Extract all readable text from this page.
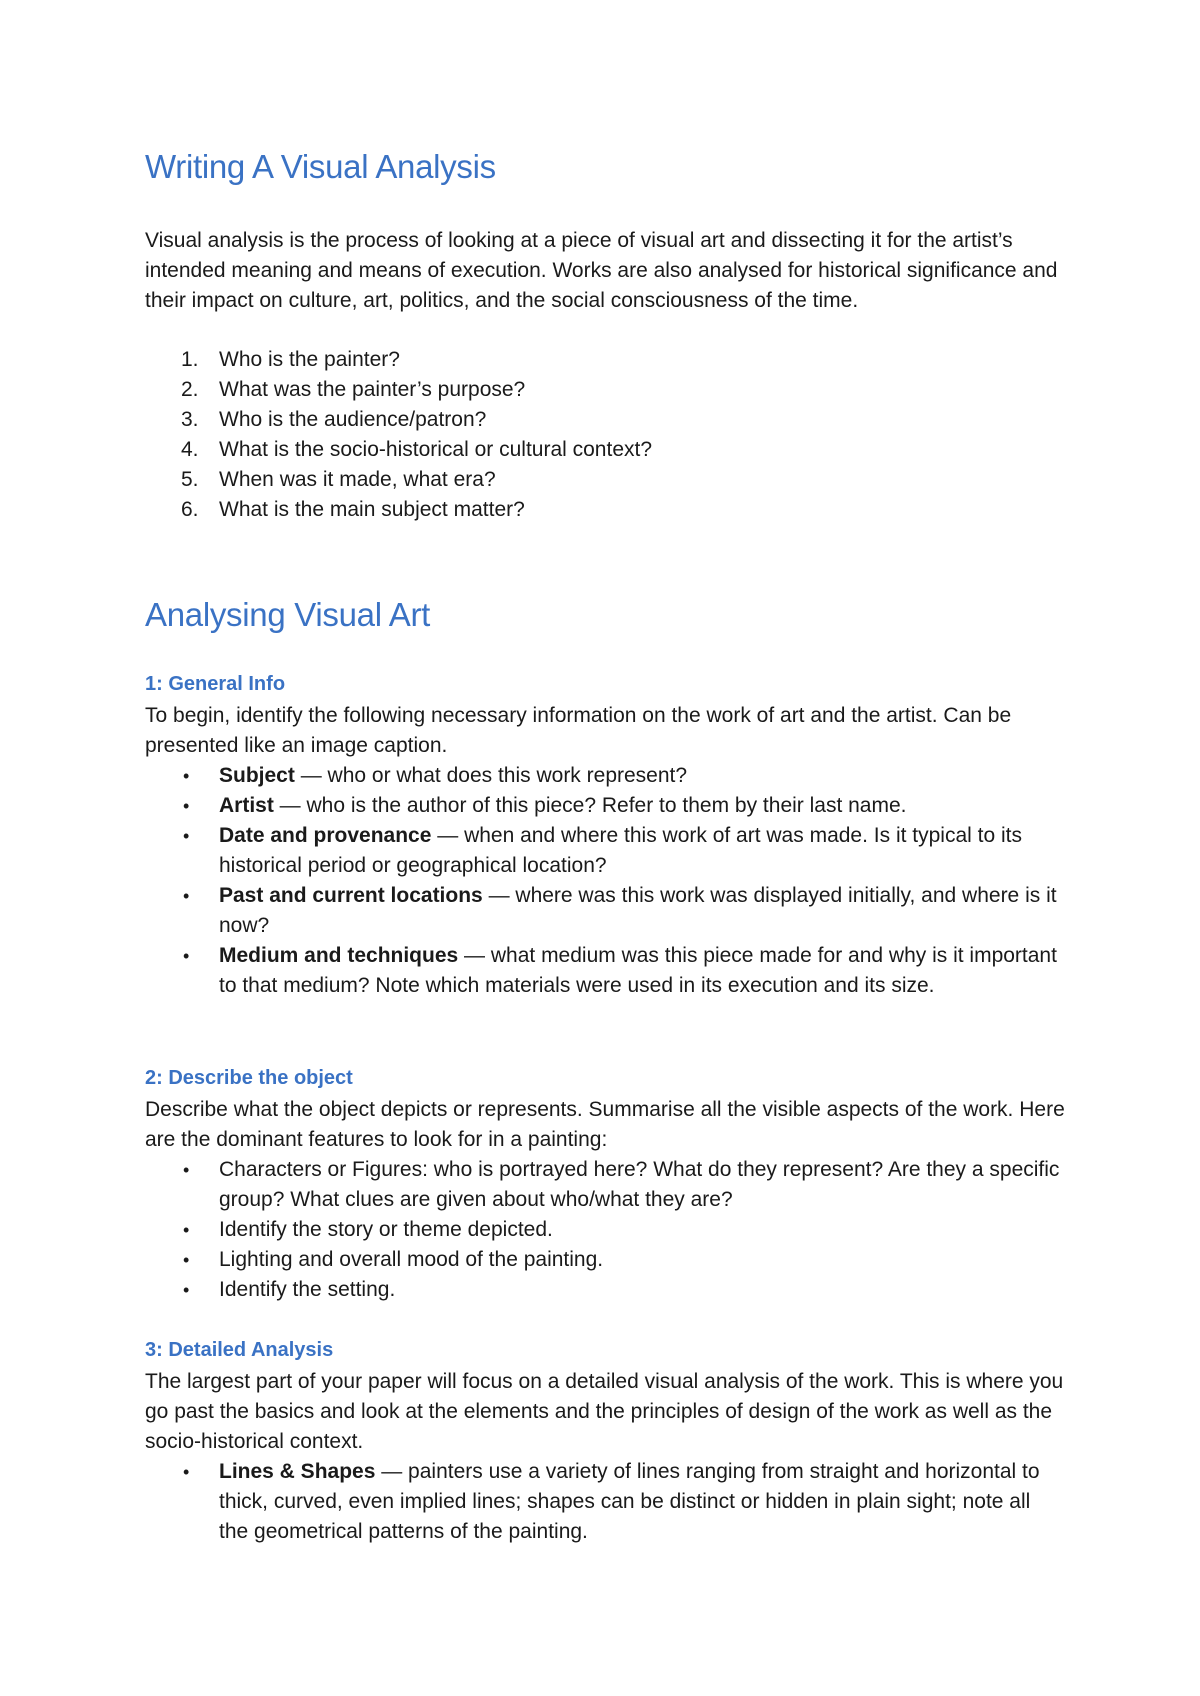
Writing A Visual Analysis

Visual analysis is the process of looking at a piece of visual art and dissecting it for the artist’s intended meaning and means of execution. Works are also analysed for historical significance and their impact on culture, art, politics, and the social consciousness of the time.

1. Who is the painter?
2. What was the painter’s purpose?
3. Who is the audience/patron?
4. What is the socio-historical or cultural context?
5. When was it made, what era?
6. What is the main subject matter?
Analysing Visual Art
1: General Info

To begin, identify the following necessary information on the work of art and the artist. Can be presented like an image caption.

• Subject — who or what does this work represent?
• Artist — who is the author of this piece? Refer to them by their last name.
• Date and provenance — when and where this work of art was made. Is it typical to its historical period or geographical location?
• Past and current locations — where was this work was displayed initially, and where is it now?
• Medium and techniques — what medium was this piece made for and why is it important to that medium? Note which materials were used in its execution and its size.
2: Describe the object

Describe what the object depicts or represents. Summarise all the visible aspects of the work. Here are the dominant features to look for in a painting:

• Characters or Figures: who is portrayed here? What do they represent? Are they a specific group? What clues are given about who/what they are?
• Identify the story or theme depicted.
• Lighting and overall mood of the painting.
• Identify the setting.
3: Detailed Analysis

The largest part of your paper will focus on a detailed visual analysis of the work. This is where you go past the basics and look at the elements and the principles of design of the work as well as the socio-historical context.

• Lines & Shapes — painters use a variety of lines ranging from straight and horizontal to thick, curved, even implied lines; shapes can be distinct or hidden in plain sight; note all the geometrical patterns of the painting.
